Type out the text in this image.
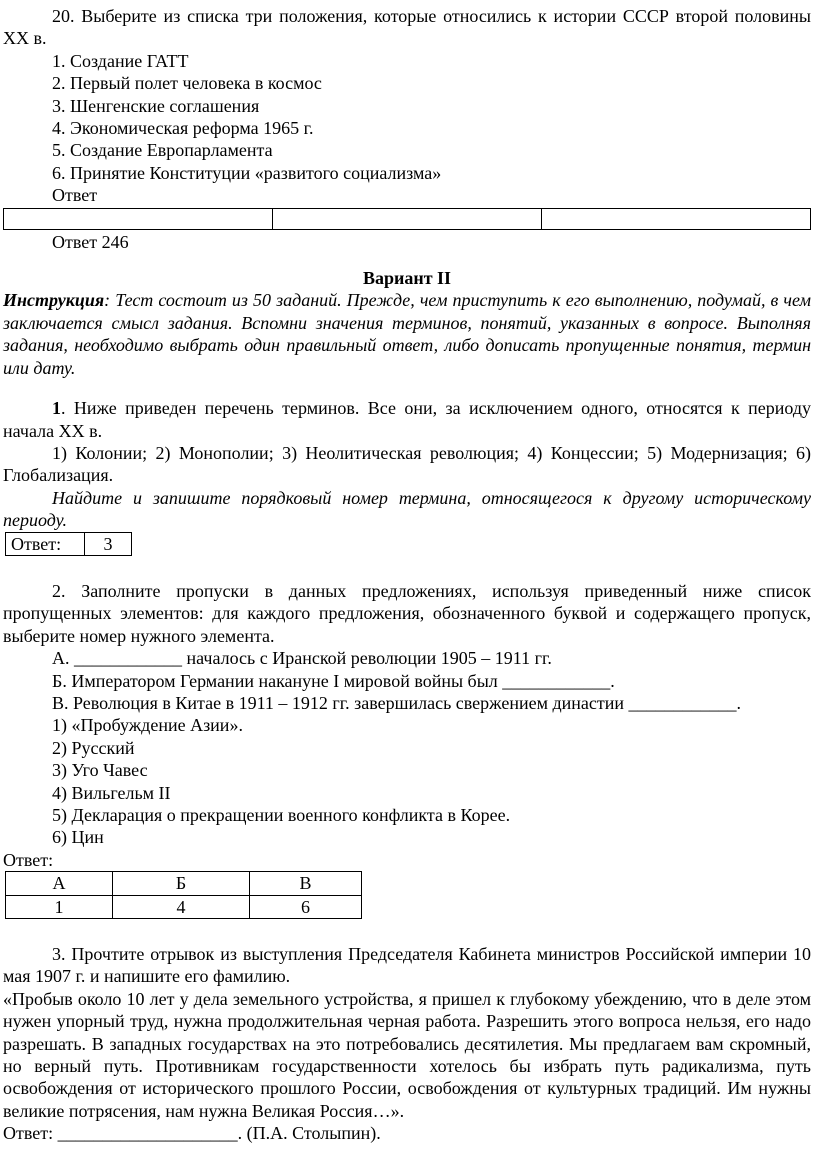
20. Выберите из списка три положения, которые относились к истории СССР второй половины XX в.

1. Создание ГАТТ

2. Первый полет человека в космос

3. Шенгенские соглашения

4. Экономическая реформа 1965 г.

5. Создание Европарламента

6. Принятие Конституции «развитого социализма»

Ответ

Ответ 246

Вариант II

Инструкция: Тест состоит из 50 заданий. Прежде, чем приступить к его выполнению, подумай, в чем заключается смысл задания. Вспомни значения терминов, понятий, указанных в вопросе. Выполняя задания, необходимо выбрать один правильный ответ, либо дописать пропущенные понятия, термин или дату.

1. Ниже приведен перечень терминов. Все они, за исключением одного, относятся к периоду начала XX в.

1) Колонии; 2) Монополии; 3) Неолитическая революция; 4) Концессии; 5) Модернизация; 6) Глобализация.

Найдите и запишите порядковый номер термина, относящегося к другому историческому периоду.

Ответ:	3

2. Заполните пропуски в данных предложениях, используя приведенный ниже список пропущенных элементов: для каждого предложения, обозначенного буквой и содержащего пропуск, выберите номер нужного элемента.

А. ____________ началось с Иранской революции 1905 – 1911 гг.

Б. Императором Германии накануне I мировой войны был ____________.

В. Революция в Китае в 1911 – 1912 гг. завершилась свержением династии ____________.

1) «Пробуждение Азии».

2) Русский

3) Уго Чавес

4) Вильгельм II

5) Декларация о прекращении военного конфликта в Корее.

6) Цин

Ответ:

А	Б	В
1	4	6

3. Прочтите отрывок из выступления Председателя Кабинета министров Российской империи 10 мая 1907 г. и напишите его фамилию.

«Пробыв около 10 лет у дела земельного устройства, я пришел к глубокому убеждению, что в деле этом нужен упорный труд, нужна продолжительная черная работа. Разрешить этого вопроса нельзя, его надо разрешать. В западных государствах на это потребовались десятилетия. Мы предлагаем вам скромный, но верный путь. Противникам государственности хотелось бы избрать путь радикализма, путь освобождения от исторического прошлого России, освобождения от культурных традиций. Им нужны великие потрясения, нам нужна Великая Россия…».

Ответ: ____________________. (П.А. Столыпин).
